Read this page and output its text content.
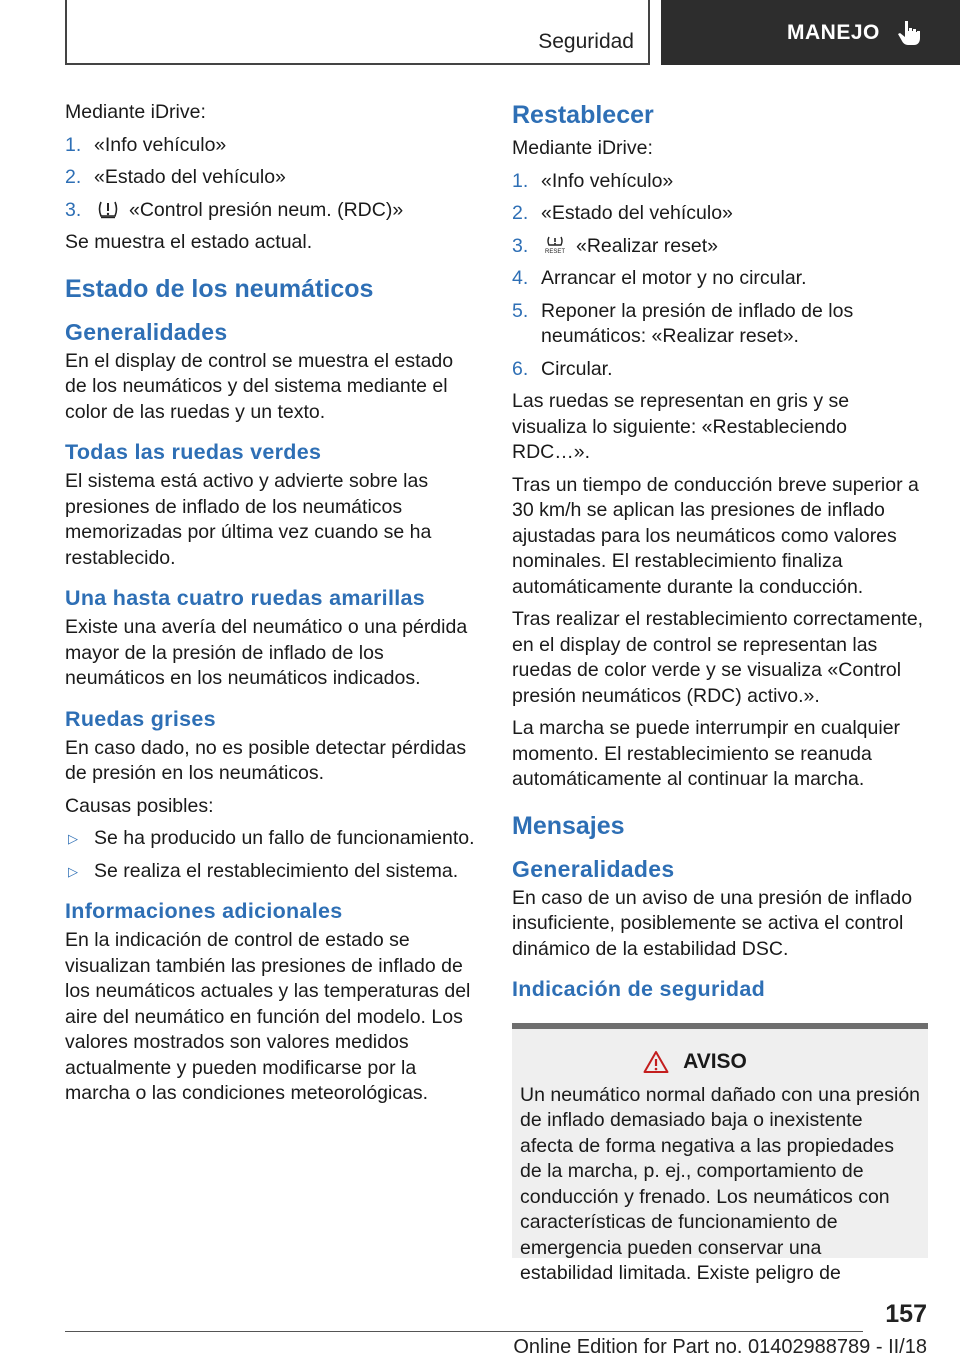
Seguridad	MANEJO

Mediante iDrive:

1. «Info vehículo»
2. «Estado del vehículo»
3.	«Control presión neum. (RDC)»

Se muestra el estado actual.

Estado de los neumáticos
Generalidades

En el display de control se muestra el estado de los neumáticos y del sistema mediante el color de las ruedas y un texto.

Todas las ruedas verdes

El sistema está activo y advierte sobre las presiones de inflado de los neumáticos memorizadas por última vez cuando se ha restablecido.

Una hasta cuatro ruedas amarillas

Existe una avería del neumático o una pérdida mayor de la presión de inflado de los neumáticos en los neumáticos indicados.

Ruedas grises

En caso dado, no es posible detectar pérdidas de presión en los neumáticos.

Causas posibles:

▷ Se ha producido un fallo de funcionamiento.
▷ Se realiza el restablecimiento del sistema.
Informaciones adicionales

En la indicación de control de estado se visualizan también las presiones de inflado de los neumáticos actuales y las temperaturas del aire del neumático en función del modelo. Los valores mostrados son valores medidos actualmente y pueden modificarse por la marcha o las condiciones meteorológicas.

Restablecer

Mediante iDrive:

1. «Info vehículo»
2. «Estado del vehículo»
3.	RESET «Realizar reset»
4. Arrancar el motor y no circular.
5. Reponer la presión de inflado de los neumáticos: «Realizar reset».
6. Circular.

Las ruedas se representan en gris y se visualiza lo siguiente: «Restableciendo RDC…».

Tras un tiempo de conducción breve superior a 30 km/h se aplican las presiones de inflado ajustadas para los neumáticos como valores nominales. El restablecimiento finaliza automáticamente durante la conducción.

Tras realizar el restablecimiento correctamente, en el display de control se representan las ruedas de color verde y se visualiza «Control presión neumáticos (RDC) activo.».

La marcha se puede interrumpir en cualquier momento. El restablecimiento se reanuda automáticamente al continuar la marcha.

Mensajes
Generalidades

En caso de un aviso de una presión de inflado insuficiente, posiblemente se activa el control dinámico de la estabilidad DSC.

Indicación de seguridad
AVISO

Un neumático normal dañado con una presión de inflado demasiado baja o inexistente afecta de forma negativa a las propiedades de la marcha, p. ej., comportamiento de conducción y frenado. Los neumáticos con características de funcionamiento de emergencia pueden conservar una estabilidad limitada. Existe peligro de

157
Online Edition for Part no. 01402988789 - II/18
